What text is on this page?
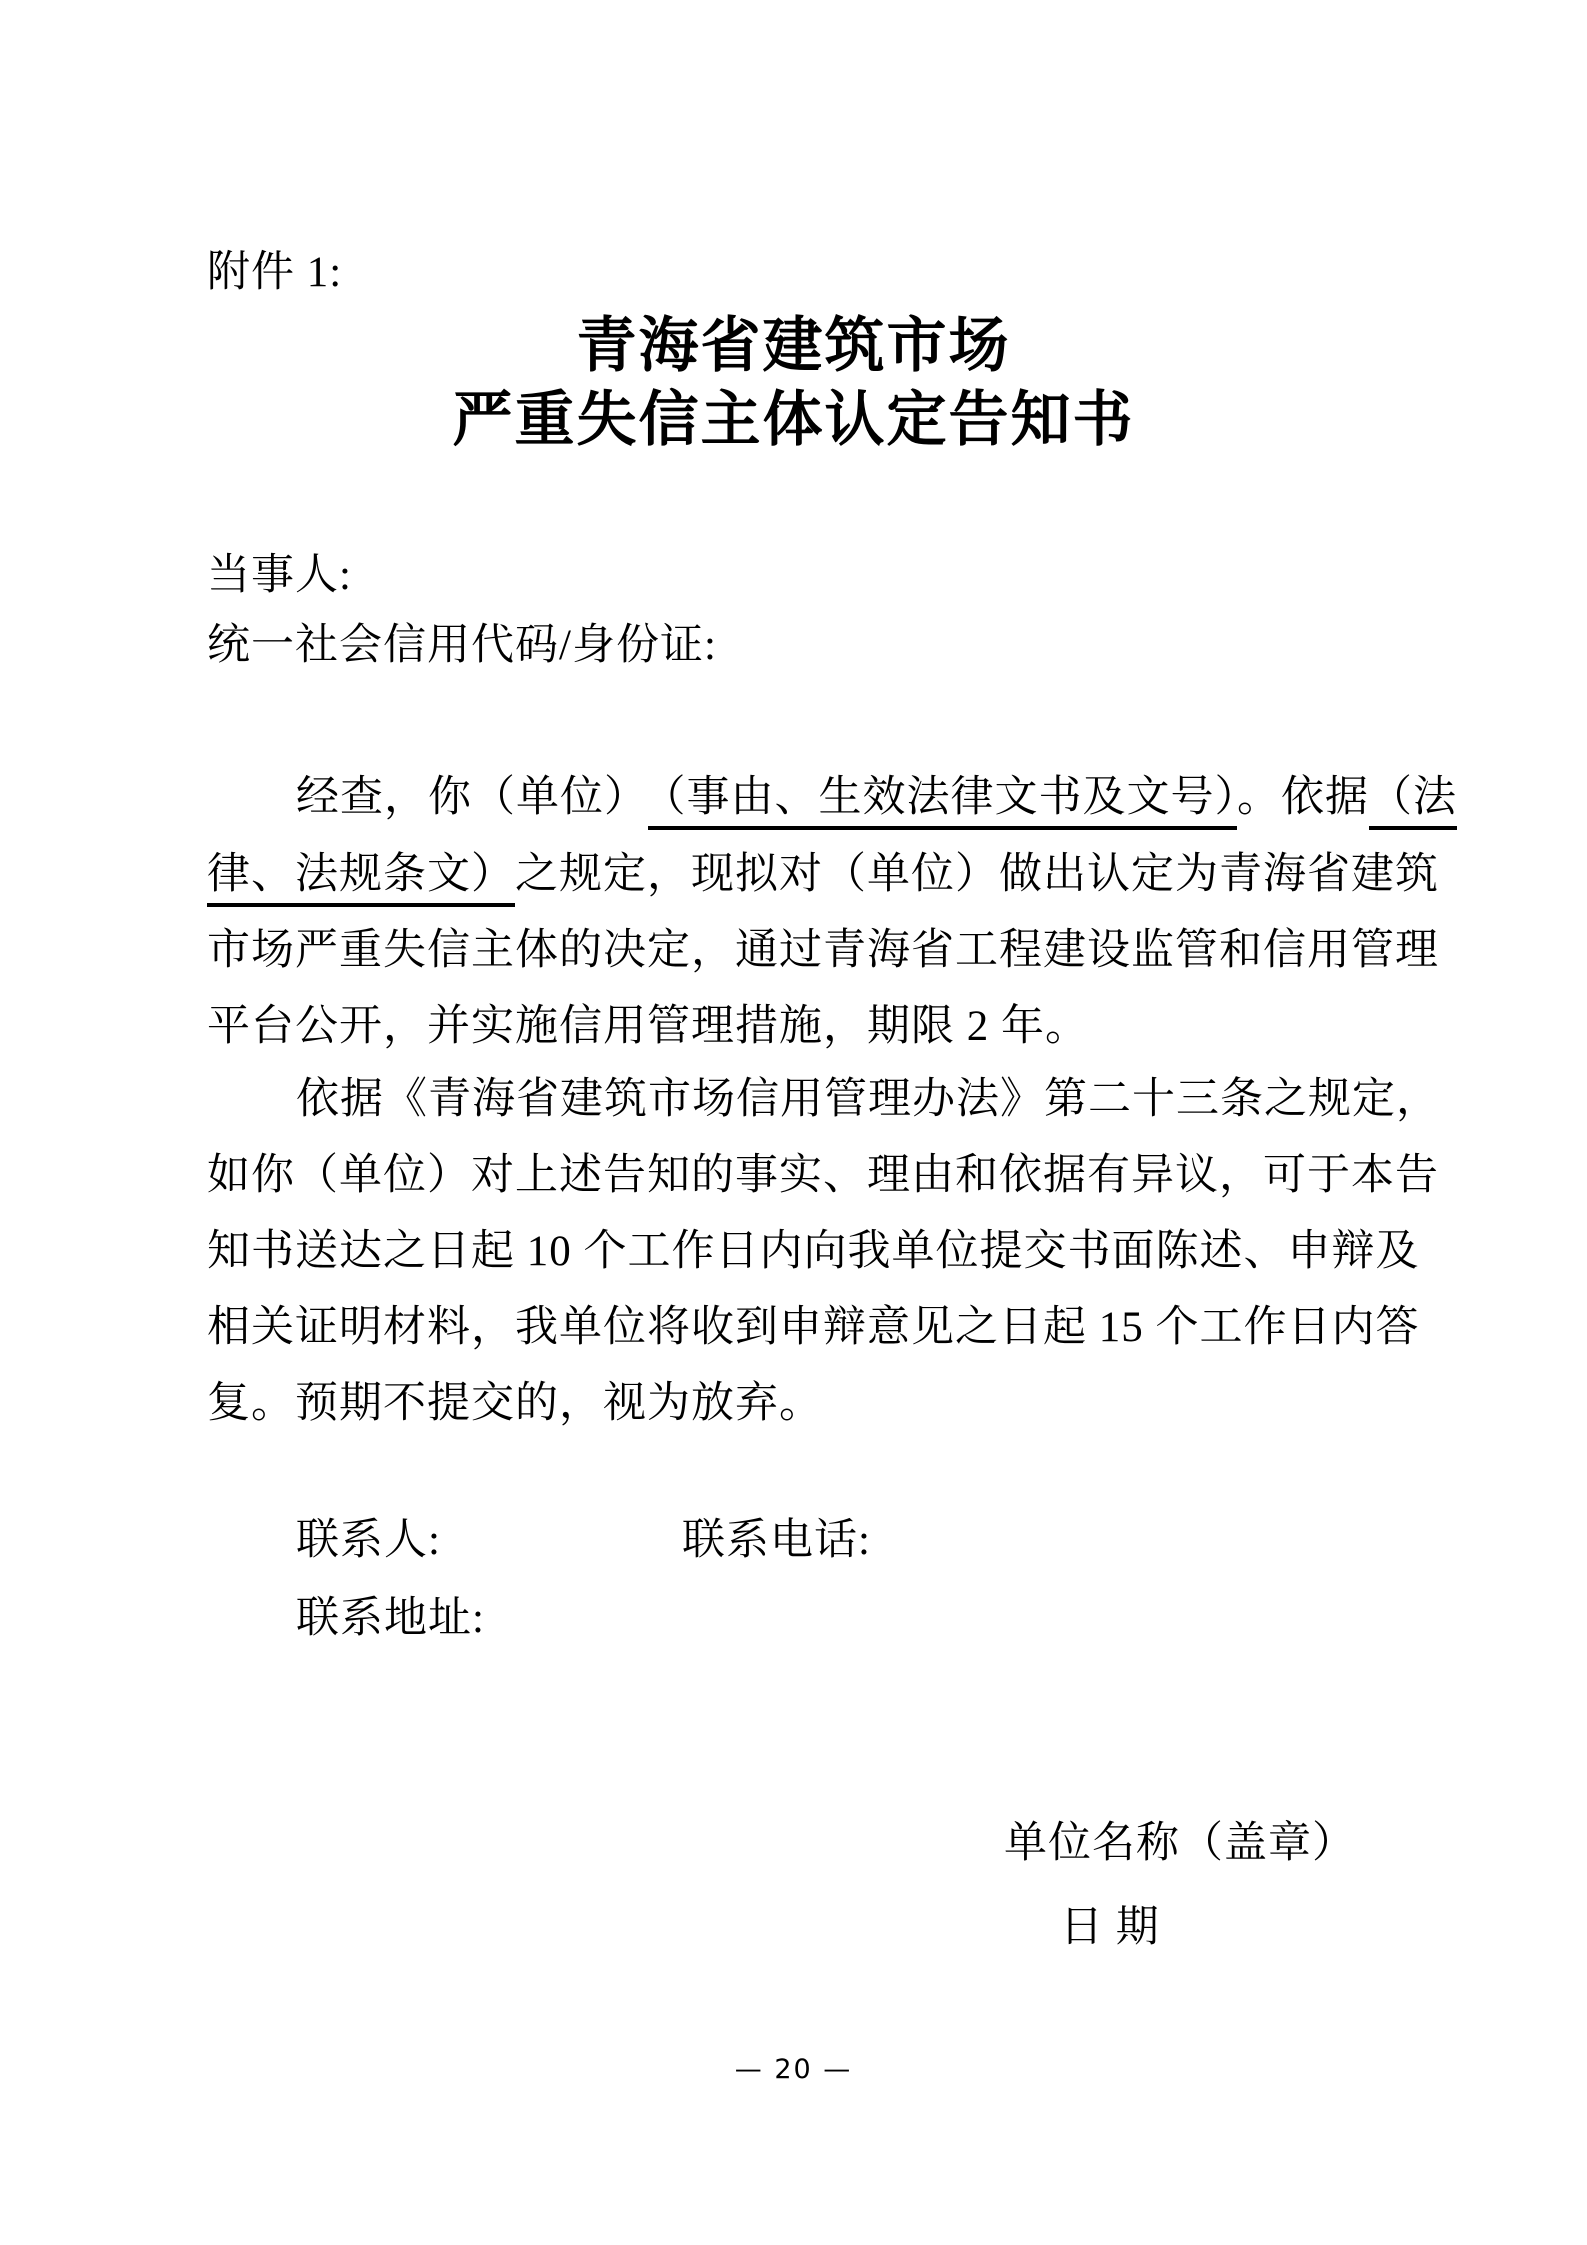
附件 1:
青海省建筑市场
严重失信主体认定告知书
当事人:
统一社会信用代码/身份证:
经查，你（单位） （事由、生效法律文书及文号）。依据（法
律、法规条文）之规定，现拟对（单位）做出认定为青海省建筑
市场严重失信主体的决定，通过青海省工程建设监管和信用管理
平台公开，并实施信用管理措施，期限 2 年。
依据《青海省建筑市场信用管理办法》第二十三条之规定，
如你（单位）对上述告知的事实、理由和依据有异议，可于本告
知书送达之日起 10 个工作日内向我单位提交书面陈述、申辩及
相关证明材料，我单位将收到申辩意见之日起 15 个工作日内答
复。预期不提交的，视为放弃。
联系人:	联系电话:
联系地址:
单位名称（盖章）
日 期
— 20 —
